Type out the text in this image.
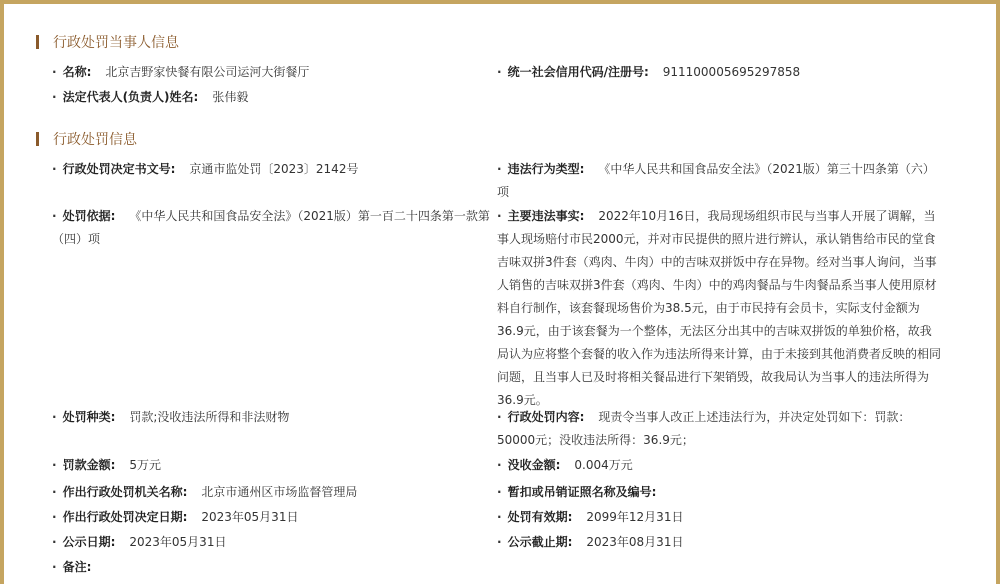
行政处罚当事人信息
· 名称: 北京吉野家快餐有限公司运河大街餐厅	· 统一社会信用代码/注册号: 911100005695297858
· 法定代表人(负责人)姓名: 张伟毅
行政处罚信息
· 行政处罚决定书文号: 京通市监处罚〔2023〕2142号	· 违法行为类型: 《中华人民共和国食品安全法》（2021版）第三十四条第（六）项
· 处罚依据: 《中华人民共和国食品安全法》（2021版）第一百二十四条第一款第（四）项
· 主要违法事实: 2022年10月16日，我局现场组织市民与当事人开展了调解，当事人现场赔付市民2000元，并对市民提供的照片进行辨认，承认销售给市民的堂食吉味双拼3件套（鸡肉、牛肉）中的吉味双拼饭中存在异物。经对当事人询问，当事人销售的吉味双拼3件套（鸡肉、牛肉）中的鸡肉餐品与牛肉餐品系当事人使用原材料自行制作，该套餐现场售价为38.5元，由于市民持有会员卡，实际支付金额为36.9元，由于该套餐为一个整体，无法区分出其中的吉味双拼饭的单独价格，故我局认为应将整个套餐的收入作为违法所得来计算，由于未接到其他消费者反映的相同问题，且当事人已及时将相关餐品进行下架销毁，故我局认为当事人的违法所得为36.9元。
· 处罚种类: 罚款;没收违法所得和非法财物	· 行政处罚内容: 现责令当事人改正上述违法行为，并决定处罚如下：罚款：50000元；没收违法所得：36.9元；
· 罚款金额: 5万元	· 没收金额: 0.004万元
· 作出行政处罚机关名称: 北京市通州区市场监督管理局	· 暂扣或吊销证照名称及编号:
· 作出行政处罚决定日期: 2023年05月31日	· 处罚有效期: 2099年12月31日
· 公示日期: 2023年05月31日	· 公示截止期: 2023年08月31日
· 备注:
